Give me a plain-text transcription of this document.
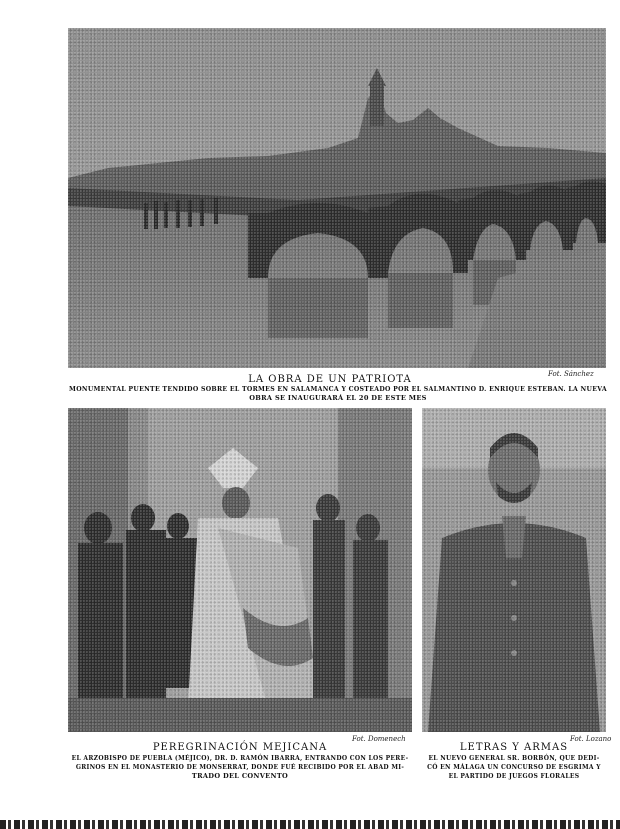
Fot. Sánchez
LA OBRA DE UN PATRIOTA
MONUMENTAL PUENTE TENDIDO SOBRE EL TORMES EN SALAMANCA Y COSTEADO POR EL SALMANTINO D. ENRIQUE ESTEBAN. LA NUEVA
OBRA SE INAUGURARÁ EL 20 DE ESTE MES
Fot. Domenech	Fot. Lozano
PEREGRINACIÓN MEJICANA
EL ARZOBISPO DE PUEBLA (MÉJICO), DR. D. RAMÓN IBARRA, ENTRANDO CON LOS PERE-
GRINOS EN EL MONASTERIO DE MONSERRAT, DONDE FUÉ RECIBIDO POR EL ABAD MI-
TRADO DEL CONVENTO
LETRAS Y ARMAS
EL NUEVO GENERAL SR. BORBÓN, QUE DEDI-
CÓ EN MÁLAGA UN CONCURSO DE ESGRIMA Y
EL PARTIDO DE JUEGOS FLORALES
